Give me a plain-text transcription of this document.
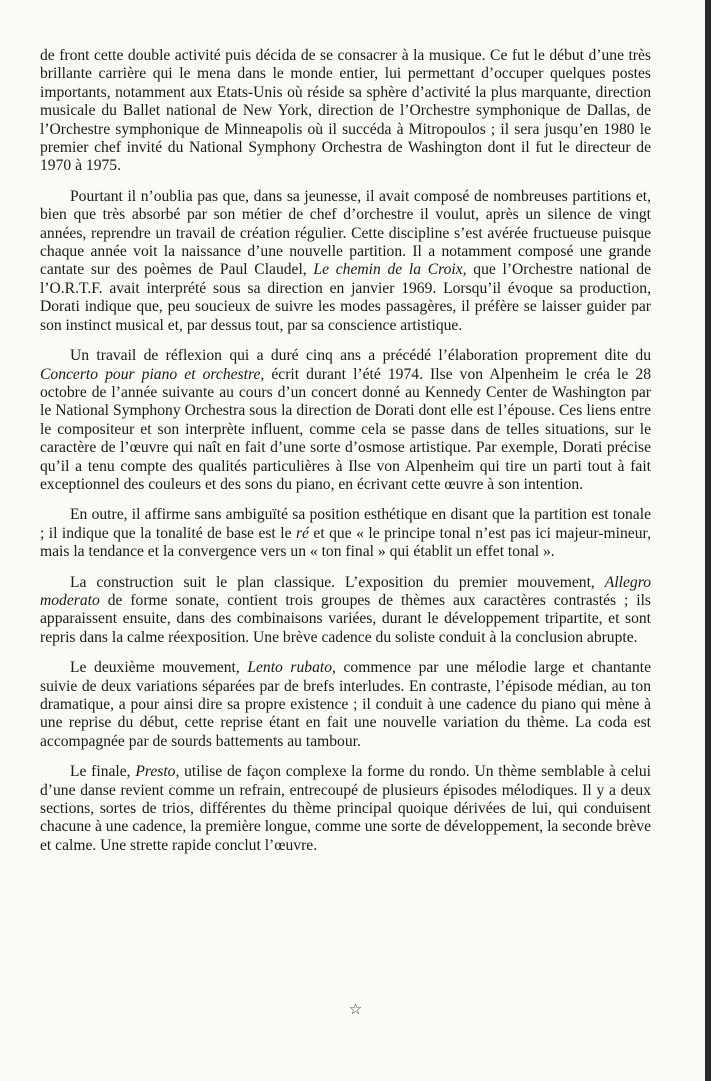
de front cette double activité puis décida de se consacrer à la musique. Ce fut le début d’une très brillante carrière qui le mena dans le monde entier, lui permettant d’occuper quelques postes importants, notamment aux Etats-Unis où réside sa sphère d’activité la plus marquante, direction musicale du Ballet national de New York, direction de l’Orchestre symphonique de Dallas, de l’Orchestre symphonique de Minneapolis où il succéda à Mitropoulos ; il sera jusqu’en 1980 le premier chef invité du National Symphony Orchestra de Washington dont il fut le directeur de 1970 à 1975.

Pourtant il n’oublia pas que, dans sa jeunesse, il avait composé de nombreuses partitions et, bien que très absorbé par son métier de chef d’orchestre il voulut, après un silence de vingt années, reprendre un travail de création régulier. Cette discipline s’est avérée fructueuse puisque chaque année voit la naissance d’une nouvelle partition. Il a notamment composé une grande cantate sur des poèmes de Paul Claudel, Le chemin de la Croix, que l’Orchestre national de l’O.R.T.F. avait interprété sous sa direction en janvier 1969. Lorsqu’il évoque sa production, Dorati indique que, peu soucieux de suivre les modes passagères, il préfère se laisser guider par son instinct musical et, par dessus tout, par sa conscience artistique.

Un travail de réflexion qui a duré cinq ans a précédé l’élaboration proprement dite du Concerto pour piano et orchestre, écrit durant l’été 1974. Ilse von Alpenheim le créa le 28 octobre de l’année suivante au cours d’un concert donné au Kennedy Center de Washington par le National Symphony Orchestra sous la direction de Dorati dont elle est l’épouse. Ces liens entre le compositeur et son interprète influent, comme cela se passe dans de telles situations, sur le caractère de l’œuvre qui naît en fait d’une sorte d’osmose artistique. Par exemple, Dorati précise qu’il a tenu compte des qualités particulières à Ilse von Alpenheim qui tire un parti tout à fait exceptionnel des couleurs et des sons du piano, en écrivant cette œuvre à son intention.

En outre, il affirme sans ambiguïté sa position esthétique en disant que la partition est tonale ; il indique que la tonalité de base est le ré et que « le principe tonal n’est pas ici majeur-mineur, mais la tendance et la convergence vers un « ton final » qui établit un effet tonal ».

La construction suit le plan classique. L’exposition du premier mouvement, Allegro moderato de forme sonate, contient trois groupes de thèmes aux caractères contrastés ; ils apparaissent ensuite, dans des combinaisons variées, durant le développement tripartite, et sont repris dans la calme réexposition. Une brève cadence du soliste conduit à la conclusion abrupte.

Le deuxième mouvement, Lento rubato, commence par une mélodie large et chantante suivie de deux variations séparées par de brefs interludes. En contraste, l’épisode médian, au ton dramatique, a pour ainsi dire sa propre existence ; il conduit à une cadence du piano qui mène à une reprise du début, cette reprise étant en fait une nouvelle variation du thème. La coda est accompagnée par de sourds battements au tambour.

Le finale, Presto, utilise de façon complexe la forme du rondo. Un thème semblable à celui d’une danse revient comme un refrain, entrecoupé de plusieurs épisodes mélodiques. Il y a deux sections, sortes de trios, différentes du thème principal quoique dérivées de lui, qui conduisent chacune à une cadence, la première longue, comme une sorte de développement, la seconde brève et calme. Une strette rapide conclut l’œuvre.

☆
